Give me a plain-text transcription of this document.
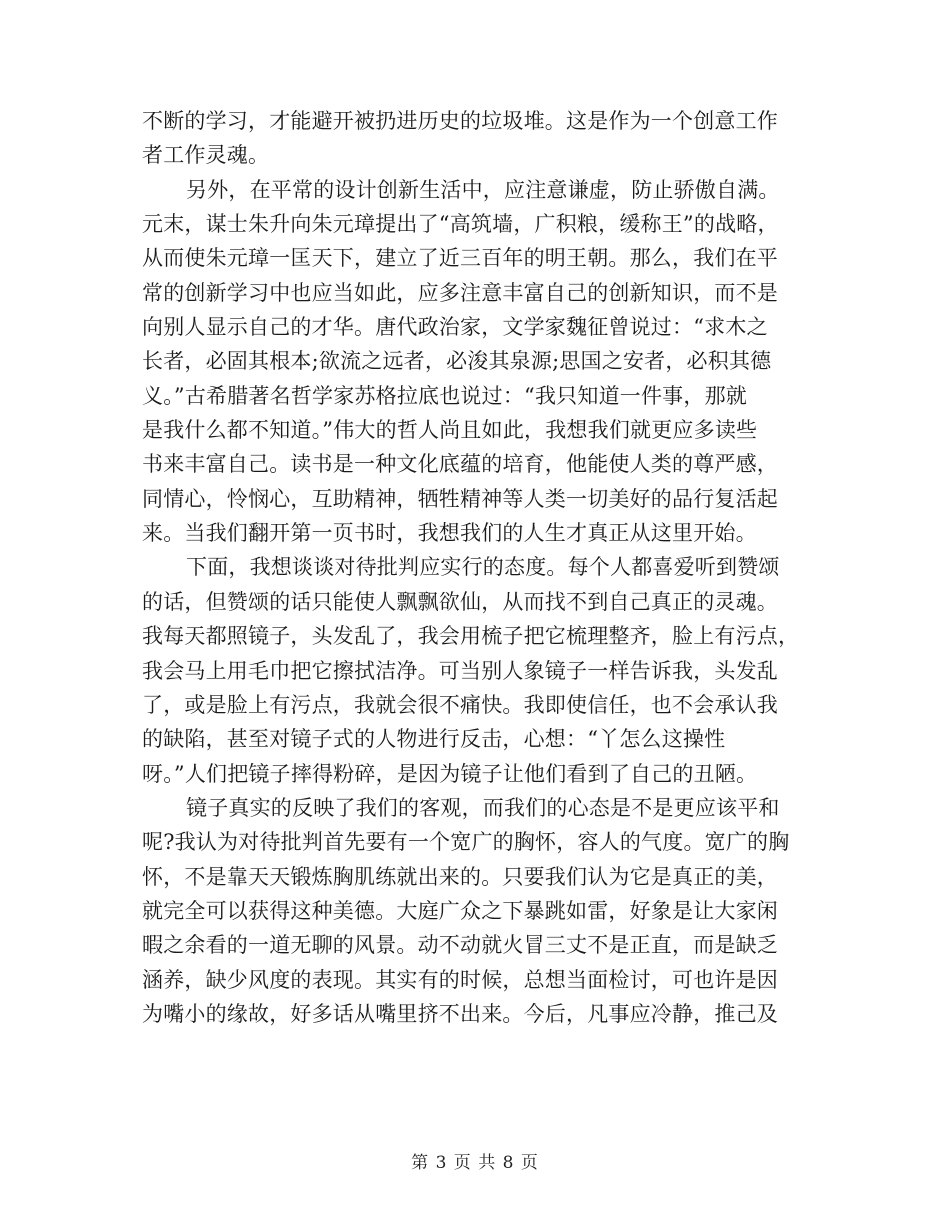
不断的学习，才能避开被扔进历史的垃圾堆。这是作为一个创意工作
者工作灵魂。
另外，在平常的设计创新生活中，应注意谦虚，防止骄傲自满。
元末，谋士朱升向朱元璋提出了“高筑墙，广积粮，缓称王”的战略，
从而使朱元璋一匡天下，建立了近三百年的明王朝。那么，我们在平
常的创新学习中也应当如此，应多注意丰富自己的创新知识，而不是
向别人显示自己的才华。唐代政治家，文学家魏征曾说过：“求木之
长者，必固其根本;欲流之远者，必浚其泉源;思国之安者，必积其德
义。”古希腊著名哲学家苏格拉底也说过：“我只知道一件事，那就
是我什么都不知道。”伟大的哲人尚且如此，我想我们就更应多读些
书来丰富自己。读书是一种文化底蕴的培育，他能使人类的尊严感，
同情心，怜悯心，互助精神，牺牲精神等人类一切美好的品行复活起
来。当我们翻开第一页书时，我想我们的人生才真正从这里开始。
下面，我想谈谈对待批判应实行的态度。每个人都喜爱听到赞颂
的话，但赞颂的话只能使人飘飘欲仙，从而找不到自己真正的灵魂。
我每天都照镜子，头发乱了，我会用梳子把它梳理整齐，脸上有污点，
我会马上用毛巾把它擦拭洁净。可当别人象镜子一样告诉我，头发乱
了，或是脸上有污点，我就会很不痛快。我即使信任，也不会承认我
的缺陷，甚至对镜子式的人物进行反击，心想：“丫怎么这操性
呀。”人们把镜子摔得粉碎，是因为镜子让他们看到了自己的丑陋。
镜子真实的反映了我们的客观，而我们的心态是不是更应该平和
呢?我认为对待批判首先要有一个宽广的胸怀，容人的气度。宽广的胸
怀，不是靠天天锻炼胸肌练就出来的。只要我们认为它是真正的美，
就完全可以获得这种美德。大庭广众之下暴跳如雷，好象是让大家闲
暇之余看的一道无聊的风景。动不动就火冒三丈不是正直，而是缺乏
涵养，缺少风度的表现。其实有的时候，总想当面检讨，可也许是因
为嘴小的缘故，好多话从嘴里挤不出来。今后，凡事应冷静，推己及
第 3 页 共 8 页
